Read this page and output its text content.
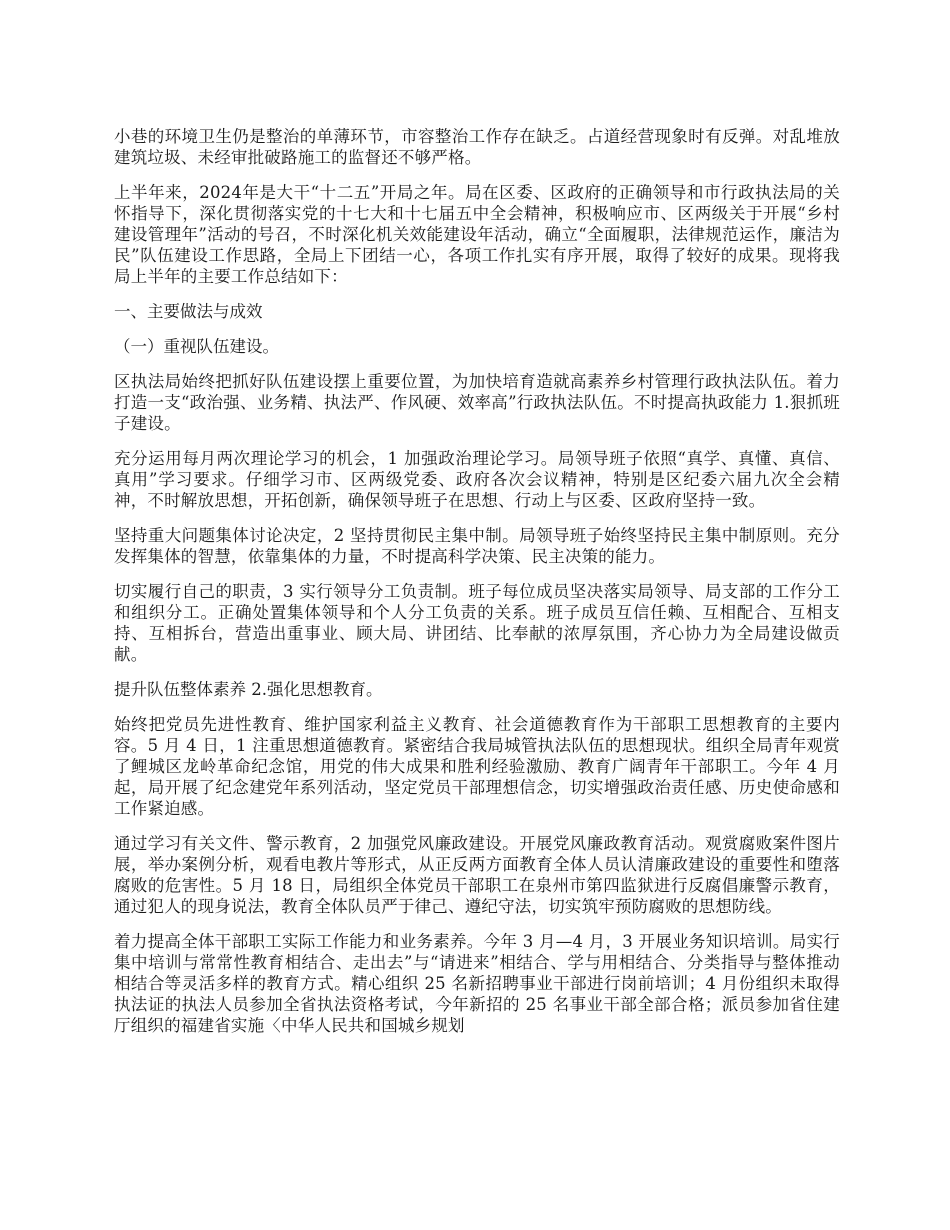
小巷的环境卫生仍是整治的单薄环节，市容整治工作存在缺乏。占道经营现象时有反弹。对乱堆放建筑垃圾、未经审批破路施工的监督还不够严格。

上半年来，2024年是大干“十二五”开局之年。局在区委、区政府的正确领导和市行政执法局的关怀指导下，深化贯彻落实党的十七大和十七届五中全会精神，积极响应市、区两级关于开展“乡村建设管理年”活动的号召，不时深化机关效能建设年活动，确立“全面履职，法律规范运作，廉洁为民”队伍建设工作思路，全局上下团结一心，各项工作扎实有序开展，取得了较好的成果。现将我局上半年的主要工作总结如下：

一、主要做法与成效

（一）重视队伍建设。

区执法局始终把抓好队伍建设摆上重要位置，为加快培育造就高素养乡村管理行政执法队伍。着力打造一支“政治强、业务精、执法严、作风硬、效率高”行政执法队伍。不时提高执政能力 1.狠抓班子建设。

充分运用每月两次理论学习的机会，1 加强政治理论学习。局领导班子依照“真学、真懂、真信、真用”学习要求。仔细学习市、区两级党委、政府各次会议精神，特别是区纪委六届九次全会精神，不时解放思想，开拓创新，确保领导班子在思想、行动上与区委、区政府坚持一致。

坚持重大问题集体讨论决定，2 坚持贯彻民主集中制。局领导班子始终坚持民主集中制原则。充分发挥集体的智慧，依靠集体的力量，不时提高科学决策、民主决策的能力。

切实履行自己的职责，3 实行领导分工负责制。班子每位成员坚决落实局领导、局支部的工作分工和组织分工。正确处置集体领导和个人分工负责的关系。班子成员互信任赖、互相配合、互相支持、互相拆台，营造出重事业、顾大局、讲团结、比奉献的浓厚氛围，齐心协力为全局建设做贡献。

提升队伍整体素养 2.强化思想教育。

始终把党员先进性教育、维护国家利益主义教育、社会道德教育作为干部职工思想教育的主要内容。5 月 4 日，1 注重思想道德教育。紧密结合我局城管执法队伍的思想现状。组织全局青年观赏了鲤城区龙岭革命纪念馆，用党的伟大成果和胜利经验激励、教育广阔青年干部职工。今年 4 月起，局开展了纪念建党年系列活动，坚定党员干部理想信念，切实增强政治责任感、历史使命感和工作紧迫感。

通过学习有关文件、警示教育，2 加强党风廉政建设。开展党风廉政教育活动。观赏腐败案件图片展，举办案例分析，观看电教片等形式，从正反两方面教育全体人员认清廉政建设的重要性和堕落腐败的危害性。5 月 18 日，局组织全体党员干部职工在泉州市第四监狱进行反腐倡廉警示教育，通过犯人的现身说法，教育全体队员严于律己、遵纪守法，切实筑牢预防腐败的思想防线。

着力提高全体干部职工实际工作能力和业务素养。今年 3 月—4 月，3 开展业务知识培训。局实行集中培训与常常性教育相结合、走出去”与“请进来”相结合、学与用相结合、分类指导与整体推动相结合等灵活多样的教育方式。精心组织 25 名新招聘事业干部进行岗前培训；4 月份组织未取得执法证的执法人员参加全省执法资格考试，今年新招的 25 名事业干部全部合格；派员参加省住建厅组织的福建省实施〈中华人民共和国城乡规划
